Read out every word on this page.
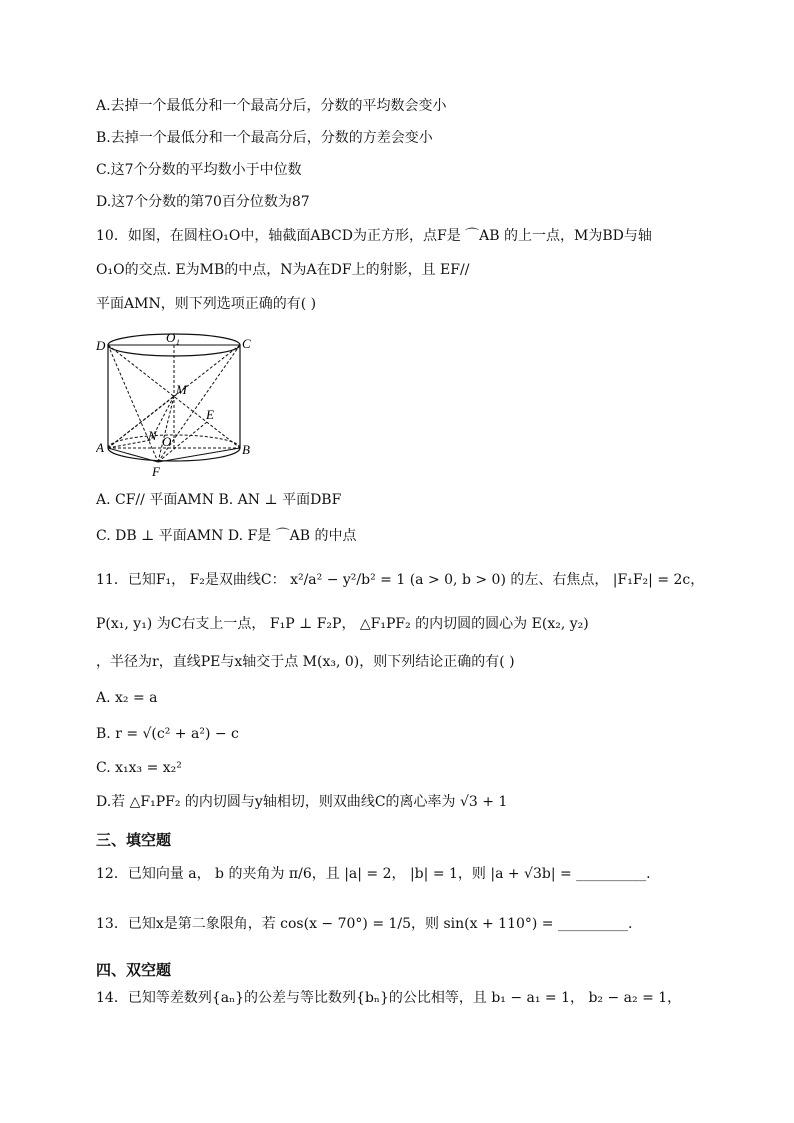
A.去掉一个最低分和一个最高分后，分数的平均数会变小
B.去掉一个最低分和一个最高分后，分数的方差会变小
C.这7个分数的平均数小于中位数
D.这7个分数的第70百分位数为87
10．如图，在圆柱O₁O中，轴截面ABCD为正方形，点F是 ⌒AB 的上一点，M为BD与轴
O₁O的交点. E为MB的中点，N为A在DF上的射影，且 EF//
平面AMN，则下列选项正确的有( )
D
O₁	C
M
E
N O
A	B
F
A. CF// 平面AMN B. AN ⊥ 平面DBF
C. DB ⊥ 平面AMN D. F是 ⌒AB 的中点
11．已知F₁， F₂是双曲线C： x²/a² − y²/b² = 1 (a > 0, b > 0) 的左、右焦点， |F₁F₂| = 2c，
P(x₁, y₁) 为C右支上一点， F₁P ⊥ F₂P， △F₁PF₂ 的内切圆的圆心为 E(x₂, y₂)
，半径为r，直线PE与x轴交于点 M(x₃, 0)，则下列结论正确的有( )
A. x₂ = a
B. r = √(c² + a²) − c
C. x₁x₃ = x₂²
D.若 △F₁PF₂ 的内切圆与y轴相切，则双曲线C的离心率为 √3 + 1
三、填空题
12．已知向量 a， b 的夹角为 π/6，且 |a| = 2， |b| = 1，则 |a + √3b| = __________.
13．已知x是第二象限角，若 cos(x − 70°) = 1/5，则 sin(x + 110°) = __________.
四、双空题
14．已知等差数列{aₙ}的公差与等比数列{bₙ}的公比相等，且 b₁ − a₁ = 1， b₂ − a₂ = 1，
